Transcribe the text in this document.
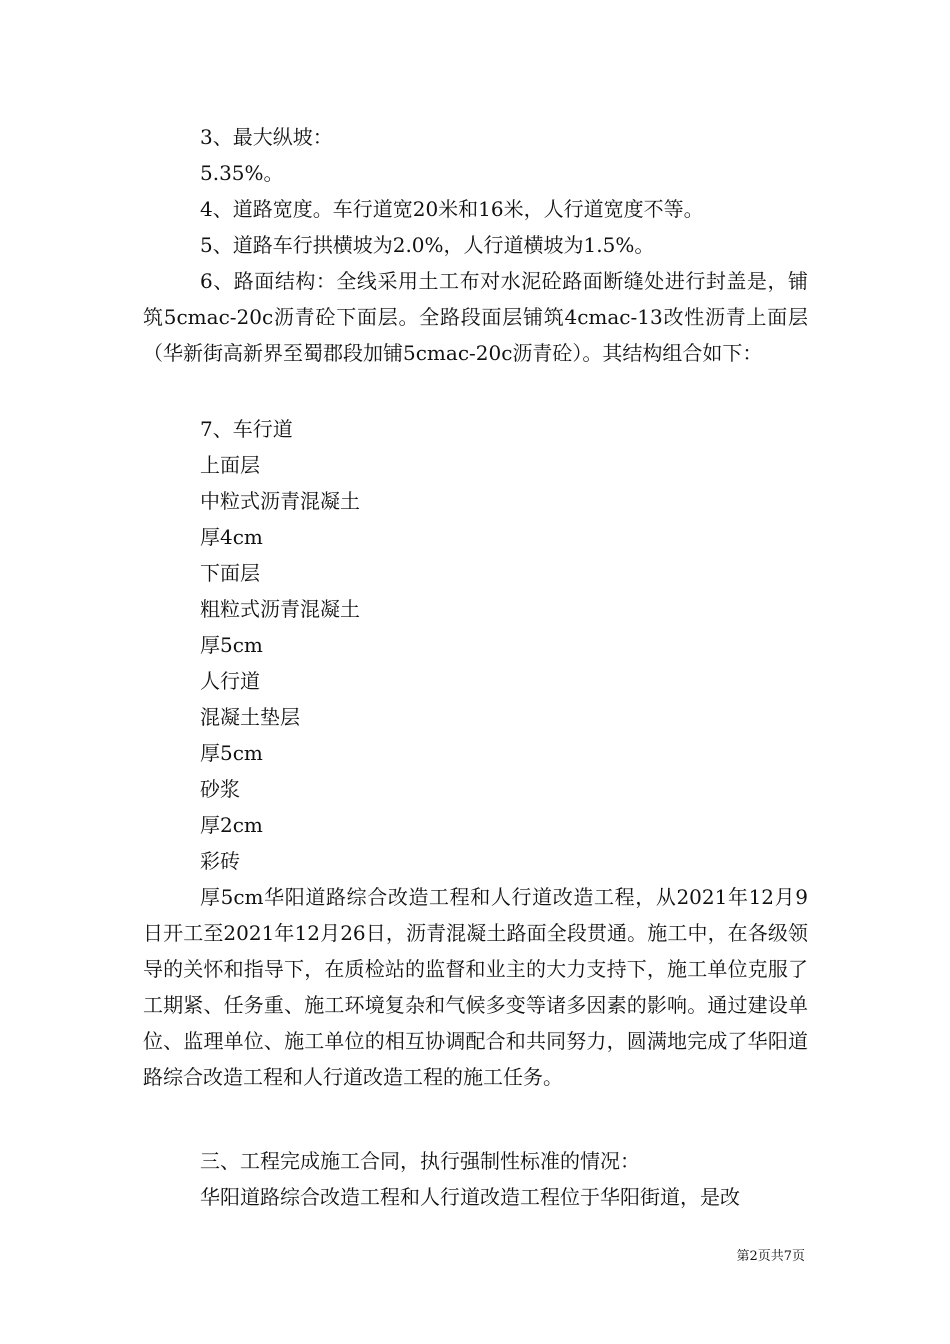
3、最大纵坡：
5.35%。
4、道路宽度。车行道宽20米和16米，人行道宽度不等。
5、道路车行拱横坡为2.0%，人行道横坡为1.5%。
6、路面结构：全线采用土工布对水泥砼路面断缝处进行封盖是，铺筑5cmac-20c沥青砼下面层。全路段面层铺筑4cmac-13改性沥青上面层（华新街高新界至蜀郡段加铺5cmac-20c沥青砼）。其结构组合如下：
7、车行道
上面层
中粒式沥青混凝土
厚4cm
下面层
粗粒式沥青混凝土
厚5cm
人行道
混凝土垫层
厚5cm
砂浆
厚2cm
彩砖
厚5cm华阳道路综合改造工程和人行道改造工程，从2021年12月9日开工至2021年12月26日，沥青混凝土路面全段贯通。施工中，在各级领导的关怀和指导下，在质检站的监督和业主的大力支持下，施工单位克服了工期紧、任务重、施工环境复杂和气候多变等诸多因素的影响。通过建设单位、监理单位、施工单位的相互协调配合和共同努力，圆满地完成了华阳道路综合改造工程和人行道改造工程的施工任务。
三、工程完成施工合同，执行强制性标准的情况：
华阳道路综合改造工程和人行道改造工程位于华阳街道，是改
第2页共7页
